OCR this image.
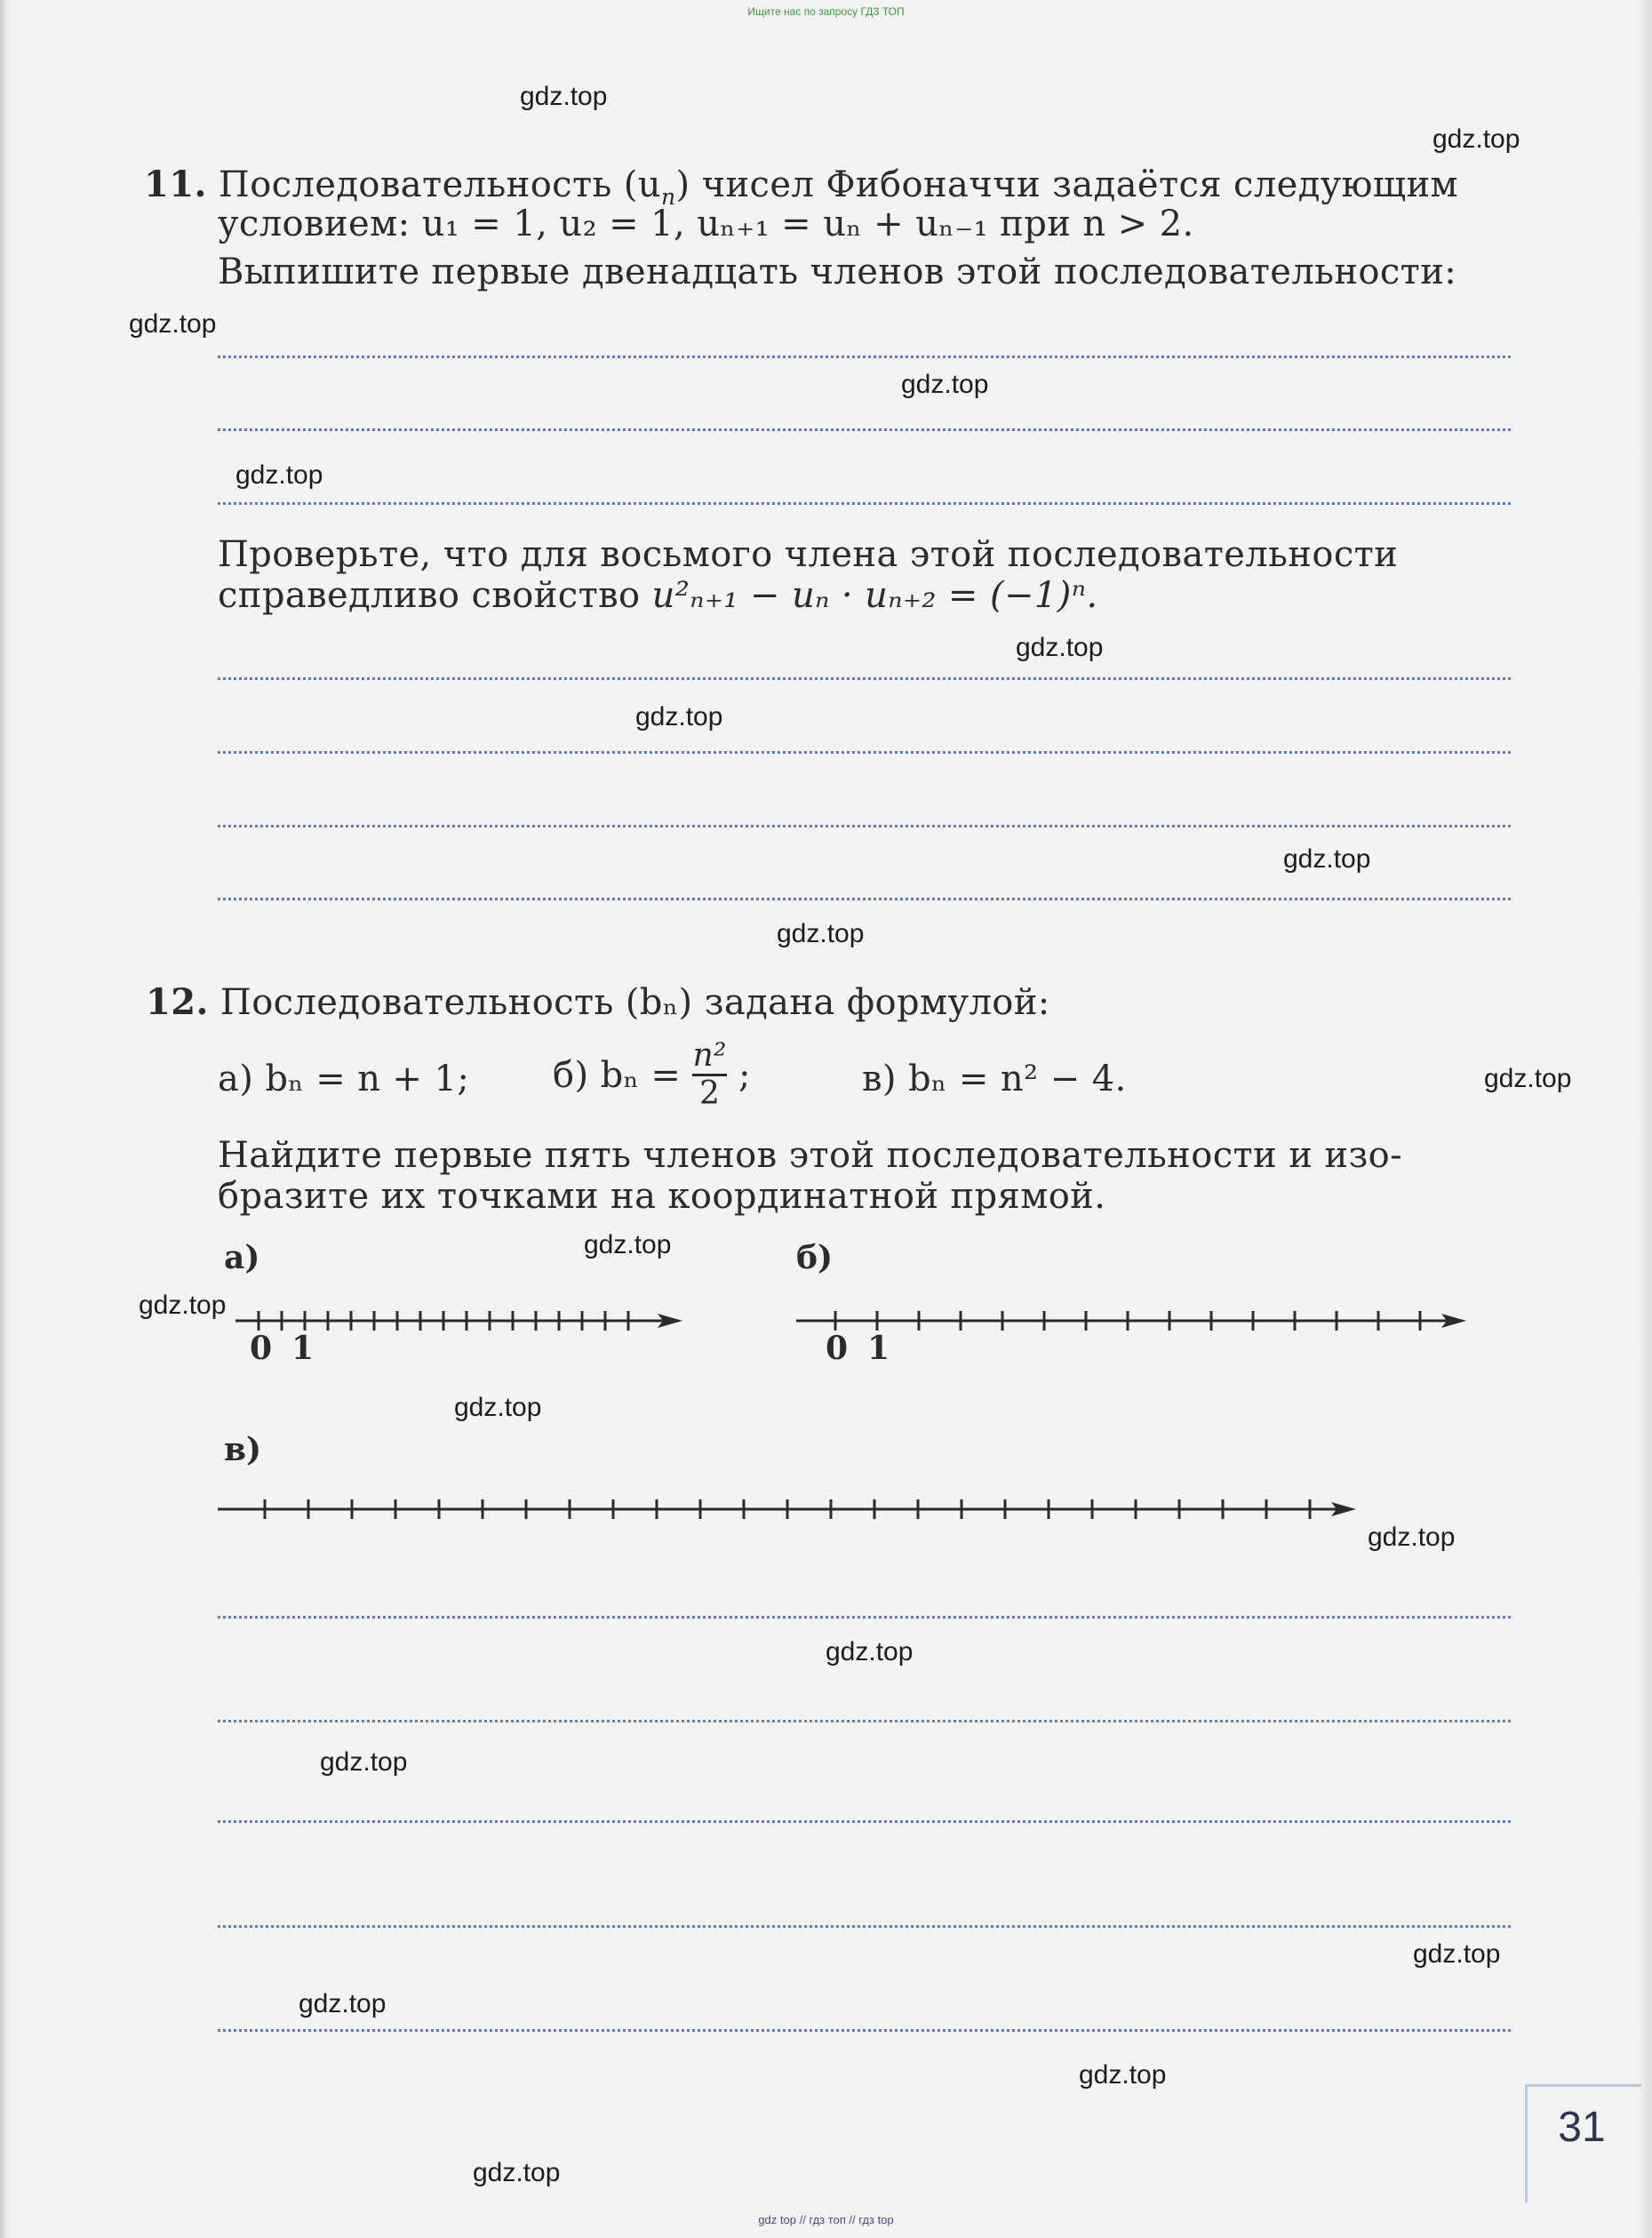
Ищите нас по запросу ГДЗ ТОП
gdz.top
gdz.top
gdz.top
gdz.top
gdz.top
gdz.top
gdz.top
gdz.top
gdz.top
gdz.top
gdz.top
gdz.top
gdz.top
gdz.top
gdz.top
gdz.top
gdz.top
gdz.top
gdz.top
gdz.top
11. Последовательность $(u_n)$ чисел Фибоначчи задаётся следующим
условием: u₁ = 1, u₂ = 1, uₙ₊₁ = uₙ + uₙ₋₁ при n > 2.
Выпишите первые двенадцать членов этой последовательности:
Проверьте, что для восьмого члена этой последовательности
справедливо свойство u²ₙ₊₁ − uₙ · uₙ₊₂ = (−1)ⁿ.
12. Последовательность (bₙ) задана формулой:
а) bₙ = n + 1; б) $b_n = \frac{\text{n²}}{2}$ ;	в) bₙ = n² − 4.
Найдите первые пять членов этой последовательности и изо-
бразите их точками на координатной прямой.
а)	б)
в)
0 1	0 1
31
gdz top // гдз топ // гдз top
